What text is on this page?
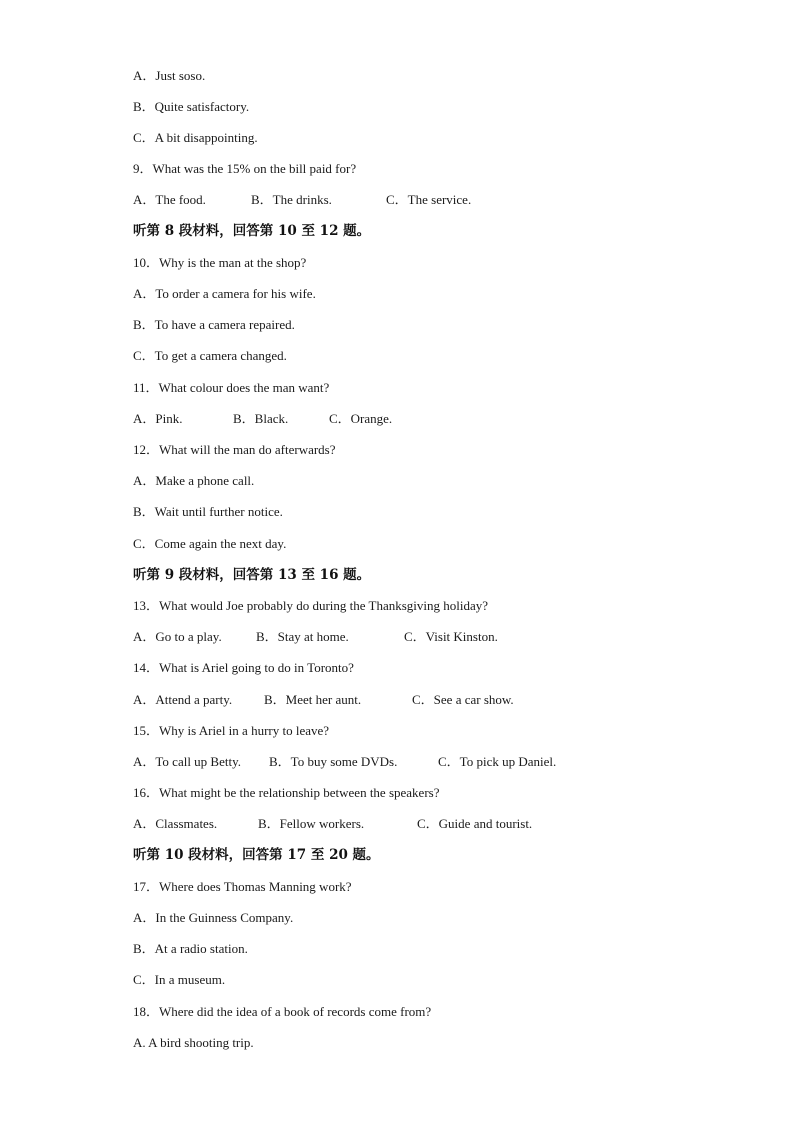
A．Just soso.
B．Quite satisfactory.
C．A bit disappointing.
9．What was the 15% on the bill paid for?

A．The food.

	B．The drinks.

	C．The service.

听第 8 段材料，回答第 10 至 12 题。
10．Why is the man at the shop?
A．To order a camera for his wife.
B．To have a camera repaired.
C．To get a camera changed.
11．What colour does the man want?

A．Pink.

	B．Black.

	C．Orange.

12．What will the man do afterwards?
A．Make a phone call.
B．Wait until further notice.
C．Come again the next day.
听第 9 段材料，回答第 13 至 16 题。
13．What would Joe probably do during the Thanksgiving holiday?

A．Go to a play.

	B．Stay at home.

	C．Visit Kinston.

14．What is Ariel going to do in Toronto?

A．Attend a party.

B．Meet her aunt.

	C．See a car show.

15．Why is Ariel in a hurry to leave?

A．To call up Betty.

B．To buy some DVDs.

	C．To pick up Daniel.

16．What might be the relationship between the speakers?

A．Classmates.

	B．Fellow workers.

	C．Guide and tourist.

听第 10 段材料，回答第 17 至 20 题。
17．Where does Thomas Manning work?
A．In the Guinness Company.
B．At a radio station.
C．In a museum.
18．Where did the idea of a book of records come from?
A. A bird shooting trip.
